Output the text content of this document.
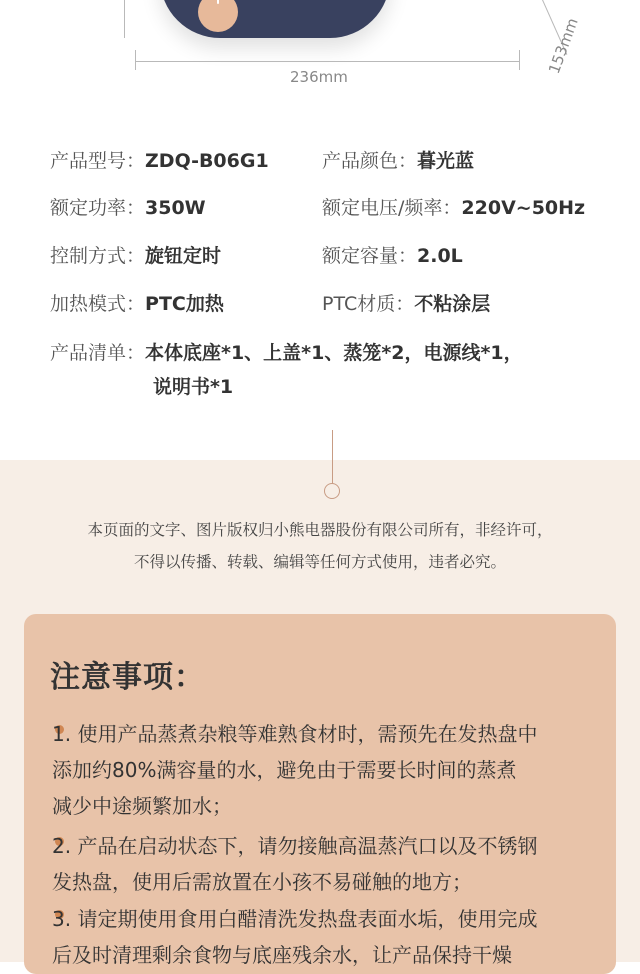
236mm
153mm
产品型号：ZDQ-B06G1	产品颜色：暮光蓝
额定功率：350W	额定电压/频率：220V~50Hz
控制方式：旋钮定时	额定容量：2.0L
加热模式：PTC加热	PTC材质：不粘涂层
产品清单：本体底座*1、上盖*1、蒸笼*2，电源线*1，
说明书*1
本页面的文字、图片版权归小熊电器股份有限公司所有，非经许可，
不得以传播、转载、编辑等任何方式使用，违者必究。
注意事项：
1. 使用产品蒸煮杂粮等难熟食材时，需预先在发热盘中
添加约80%满容量的水，避免由于需要长时间的蒸煮
减少中途频繁加水；
2. 产品在启动状态下，请勿接触高温蒸汽口以及不锈钢
发热盘，使用后需放置在小孩不易碰触的地方；
3. 请定期使用食用白醋清洗发热盘表面水垢，使用完成
后及时清理剩余食物与底座残余水，让产品保持干燥
